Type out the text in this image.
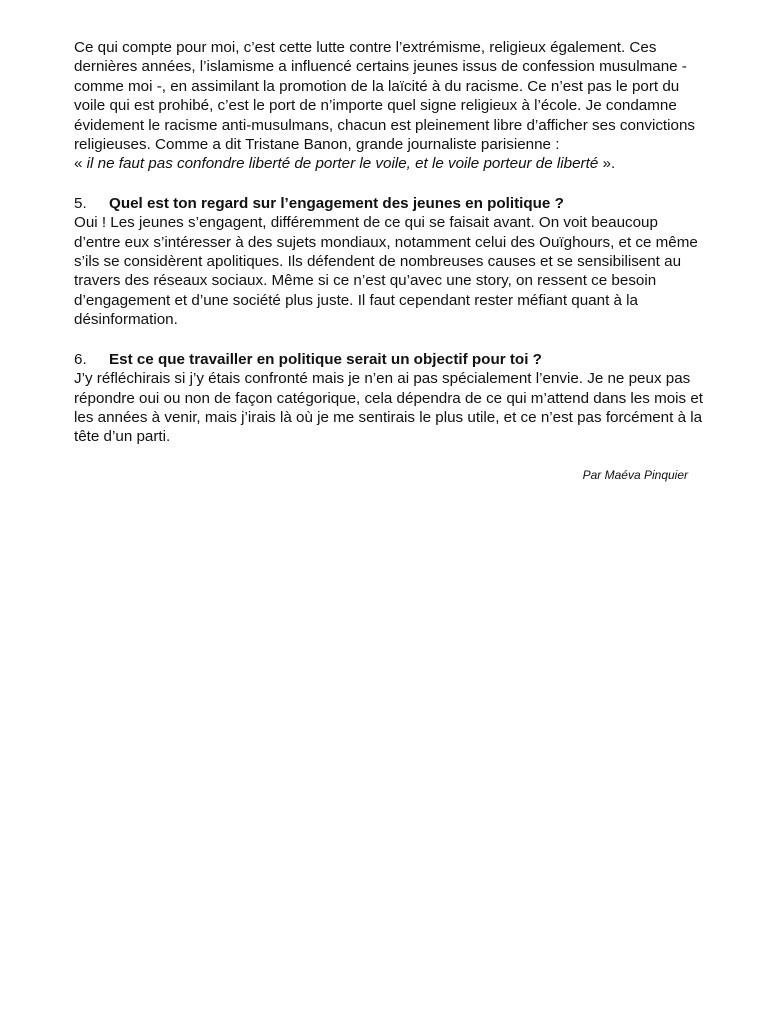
Ce qui compte pour moi, c’est cette lutte contre l’extrémisme, religieux également. Ces dernières années, l’islamisme a influencé certains jeunes issus de confession musulmane - comme moi -, en assimilant la promotion de la laïcité à du racisme. Ce n’est pas le port du voile qui est prohibé, c’est le port de n’importe quel signe religieux à l’école. Je condamne évidement le racisme anti-musulmans, chacun est pleinement libre d’afficher ses convictions religieuses. Comme a dit Tristane Banon, grande journaliste parisienne :
« il ne faut pas confondre liberté de porter le voile, et le voile porteur de liberté ».

5.	Quel est ton regard sur l’engagement des jeunes en politique ?

Oui ! Les jeunes s’engagent, différemment de ce qui se faisait avant. On voit beaucoup d’entre eux s’intéresser à des sujets mondiaux, notamment celui des Ouïghours, et ce même s’ils se considèrent apolitiques. Ils défendent de nombreuses causes et se sensibilisent au travers des réseaux sociaux. Même si ce n’est qu’avec une story, on ressent ce besoin d’engagement et d’une société plus juste. Il faut cependant rester méfiant quant à la désinformation.

6.	Est ce que travailler en politique serait un objectif pour toi ?

J’y réfléchirais si j’y étais confronté mais je n’en ai pas spécialement l’envie. Je ne peux pas répondre oui ou non de façon catégorique, cela dépendra de ce qui m’attend dans les mois et les années à venir, mais j’irais là où je me sentirais le plus utile, et ce n’est pas forcément à la tête d’un parti.

Par Maéva Pinquier
